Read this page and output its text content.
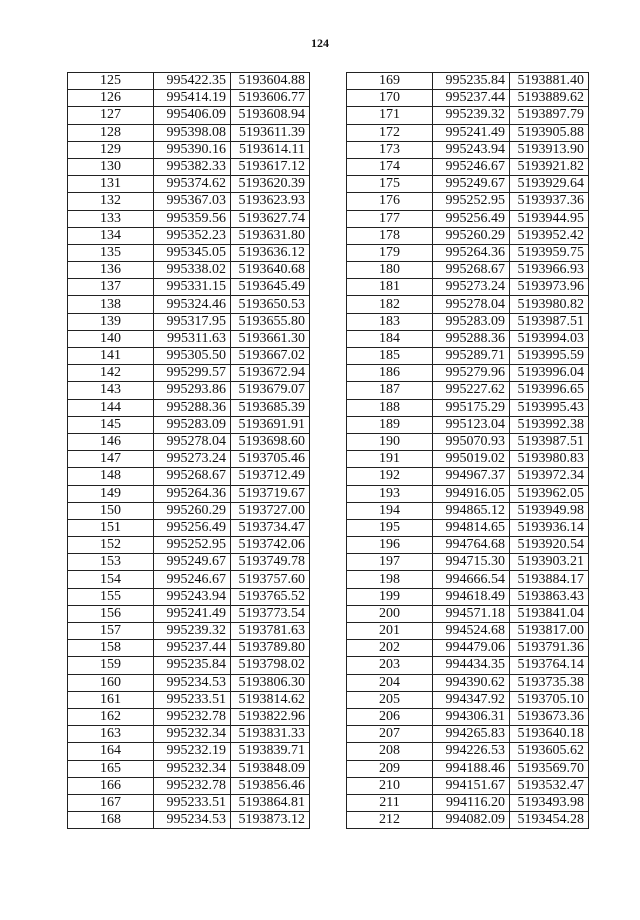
124
125	995422.35	5193604.88
126	995414.19	5193606.77
127	995406.09	5193608.94
128	995398.08	5193611.39
129	995390.16	5193614.11
130	995382.33	5193617.12
131	995374.62	5193620.39
132	995367.03	5193623.93
133	995359.56	5193627.74
134	995352.23	5193631.80
135	995345.05	5193636.12
136	995338.02	5193640.68
137	995331.15	5193645.49
138	995324.46	5193650.53
139	995317.95	5193655.80
140	995311.63	5193661.30
141	995305.50	5193667.02
142	995299.57	5193672.94
143	995293.86	5193679.07
144	995288.36	5193685.39
145	995283.09	5193691.91
146	995278.04	5193698.60
147	995273.24	5193705.46
148	995268.67	5193712.49
149	995264.36	5193719.67
150	995260.29	5193727.00
151	995256.49	5193734.47
152	995252.95	5193742.06
153	995249.67	5193749.78
154	995246.67	5193757.60
155	995243.94	5193765.52
156	995241.49	5193773.54
157	995239.32	5193781.63
158	995237.44	5193789.80
159	995235.84	5193798.02
160	995234.53	5193806.30
161	995233.51	5193814.62
162	995232.78	5193822.96
163	995232.34	5193831.33
164	995232.19	5193839.71
165	995232.34	5193848.09
166	995232.78	5193856.46
167	995233.51	5193864.81
168	995234.53	5193873.12
169	995235.84	5193881.40
170	995237.44	5193889.62
171	995239.32	5193897.79
172	995241.49	5193905.88
173	995243.94	5193913.90
174	995246.67	5193921.82
175	995249.67	5193929.64
176	995252.95	5193937.36
177	995256.49	5193944.95
178	995260.29	5193952.42
179	995264.36	5193959.75
180	995268.67	5193966.93
181	995273.24	5193973.96
182	995278.04	5193980.82
183	995283.09	5193987.51
184	995288.36	5193994.03
185	995289.71	5193995.59
186	995279.96	5193996.04
187	995227.62	5193996.65
188	995175.29	5193995.43
189	995123.04	5193992.38
190	995070.93	5193987.51
191	995019.02	5193980.83
192	994967.37	5193972.34
193	994916.05	5193962.05
194	994865.12	5193949.98
195	994814.65	5193936.14
196	994764.68	5193920.54
197	994715.30	5193903.21
198	994666.54	5193884.17
199	994618.49	5193863.43
200	994571.18	5193841.04
201	994524.68	5193817.00
202	994479.06	5193791.36
203	994434.35	5193764.14
204	994390.62	5193735.38
205	994347.92	5193705.10
206	994306.31	5193673.36
207	994265.83	5193640.18
208	994226.53	5193605.62
209	994188.46	5193569.70
210	994151.67	5193532.47
211	994116.20	5193493.98
212	994082.09	5193454.28
